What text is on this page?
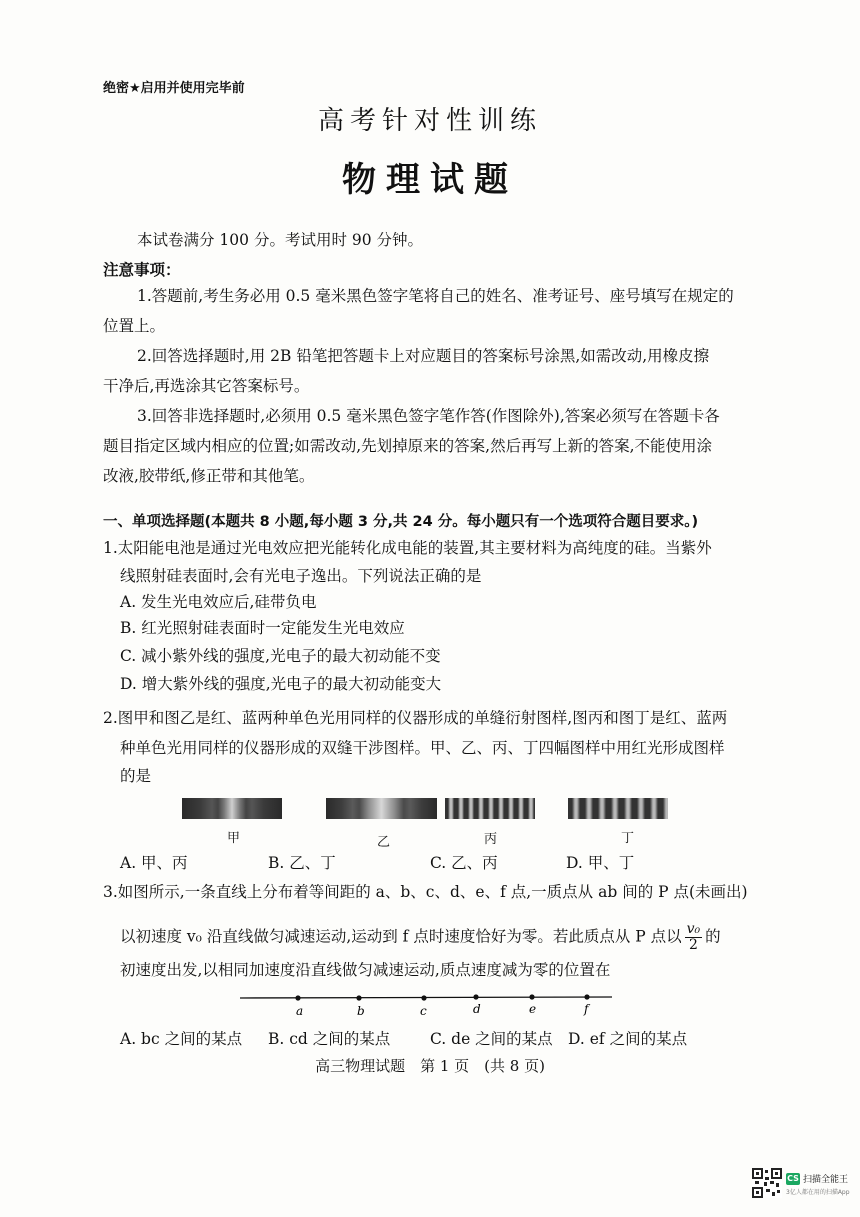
绝密★启用并使用完毕前
高考针对性训练
物理试题
本试卷满分 100 分。考试用时 90 分钟。
注意事项：
1.答题前,考生务必用 0.5 毫米黑色签字笔将自己的姓名、准考证号、座号填写在规定的
位置上。
2.回答选择题时,用 2B 铅笔把答题卡上对应题目的答案标号涂黑,如需改动,用橡皮擦
干净后,再选涂其它答案标号。
3.回答非选择题时,必须用 0.5 毫米黑色签字笔作答(作图除外),答案必须写在答题卡各
题目指定区域内相应的位置;如需改动,先划掉原来的答案,然后再写上新的答案,不能使用涂
改液,胶带纸,修正带和其他笔。
一、单项选择题(本题共 8 小题,每小题 3 分,共 24 分。每小题只有一个选项符合题目要求。)
1.太阳能电池是通过光电效应把光能转化成电能的装置,其主要材料为高纯度的硅。当紫外
线照射硅表面时,会有光电子逸出。下列说法正确的是
A. 发生光电效应后,硅带负电
B. 红光照射硅表面时一定能发生光电效应
C. 减小紫外线的强度,光电子的最大初动能不变
D. 增大紫外线的强度,光电子的最大初动能变大
2.图甲和图乙是红、蓝两种单色光用同样的仪器形成的单缝衍射图样,图丙和图丁是红、蓝两
种单色光用同样的仪器形成的双缝干涉图样。甲、乙、丙、丁四幅图样中用红光形成图样
的是
甲	乙	丙	丁
A. 甲、丙	B. 乙、丁	C. 乙、丙	D. 甲、丁
3.如图所示,一条直线上分布着等间距的 a、b、c、d、e、f 点,一质点从 ab 间的 P 点(未画出)
以初速度 v₀ 沿直线做匀减速运动,运动到 f 点时速度恰好为零。若此质点从 P 点以 $\frac{\text{v₀}}{2}$ 的
初速度出发,以相同加速度沿直线做匀减速运动,质点速度减为零的位置在
a	b	c	d	e	f
A. bc 之间的某点 B. cd 之间的某点	C. de 之间的某点 D. ef 之间的某点
高三物理试题　第 1 页　(共 8 页)
CS 扫描全能王
3亿人都在用的扫描App
